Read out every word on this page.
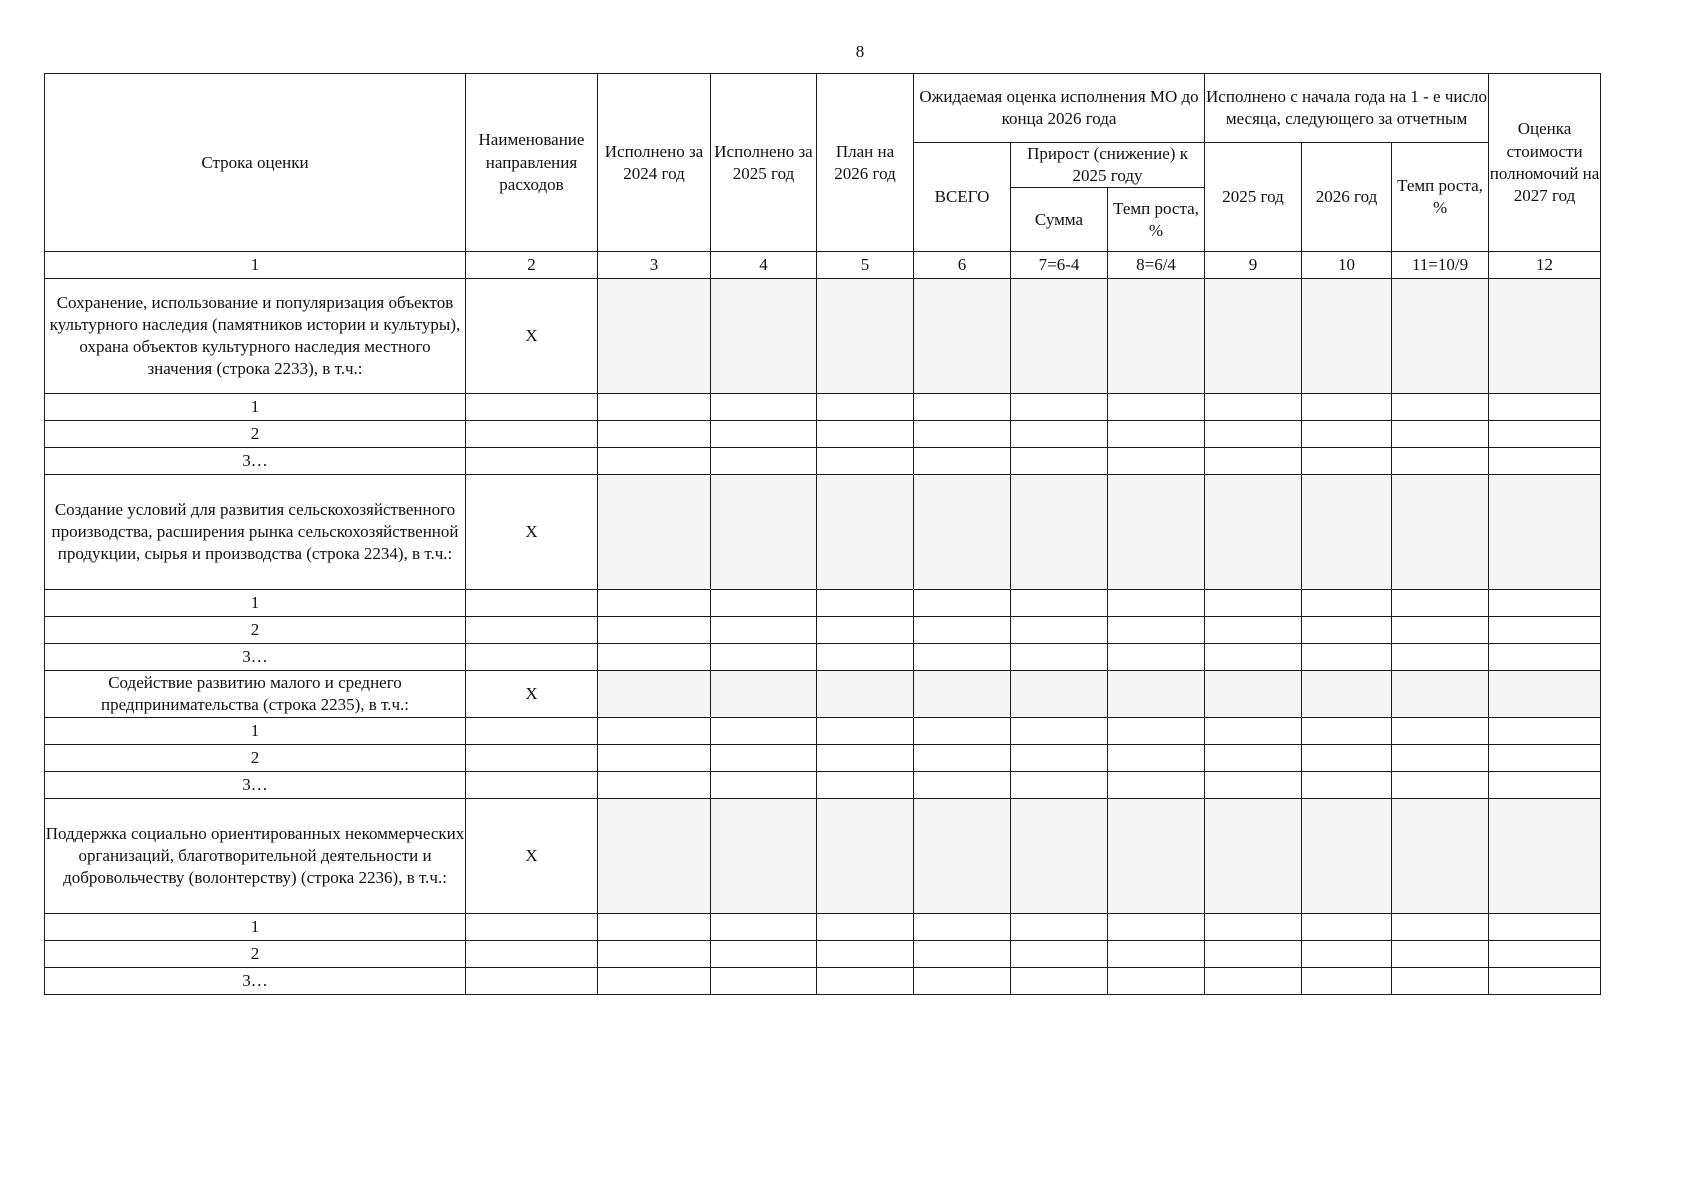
8
Строка оценки	Наименование направления расходов	Исполнено за 2024 год	Исполнено за 2025 год	План на 2026 год	Ожидаемая оценка исполнения МО до конца 2026 года			Исполнено с начала года на 1 - е число месяца, следующего за отчетным			Оценка стоимости полномочий на 2027 год
					ВСЕГО	Прирост (снижение) к 2025 году		2025 год	2026 год	Темп роста, %	
						Сумма	Темп роста, %				
1	2	3	4	5	6	7=6-4	8=6/4	9	10	11=10/9	12
Сохранение, использование и популяризация объектов культурного наследия (памятников истории и культуры), охрана объектов культурного наследия местного значения (строка 2233), в т.ч.:	Х										
1											
2											
3…											
Создание условий для развития сельскохозяйственного производства, расширения рынка сельскохозяйственной продукции, сырья и производства (строка 2234), в т.ч.:	Х										
1											
2											
3…											
Содействие развитию малого и среднего предпринимательства (строка 2235), в т.ч.:	Х										
1											
2											
3…											
Поддержка социально ориентированных некоммерческих организаций, благотворительной деятельности и добровольчеству (волонтерству) (строка 2236), в т.ч.:	Х										
1											
2											
3…											
